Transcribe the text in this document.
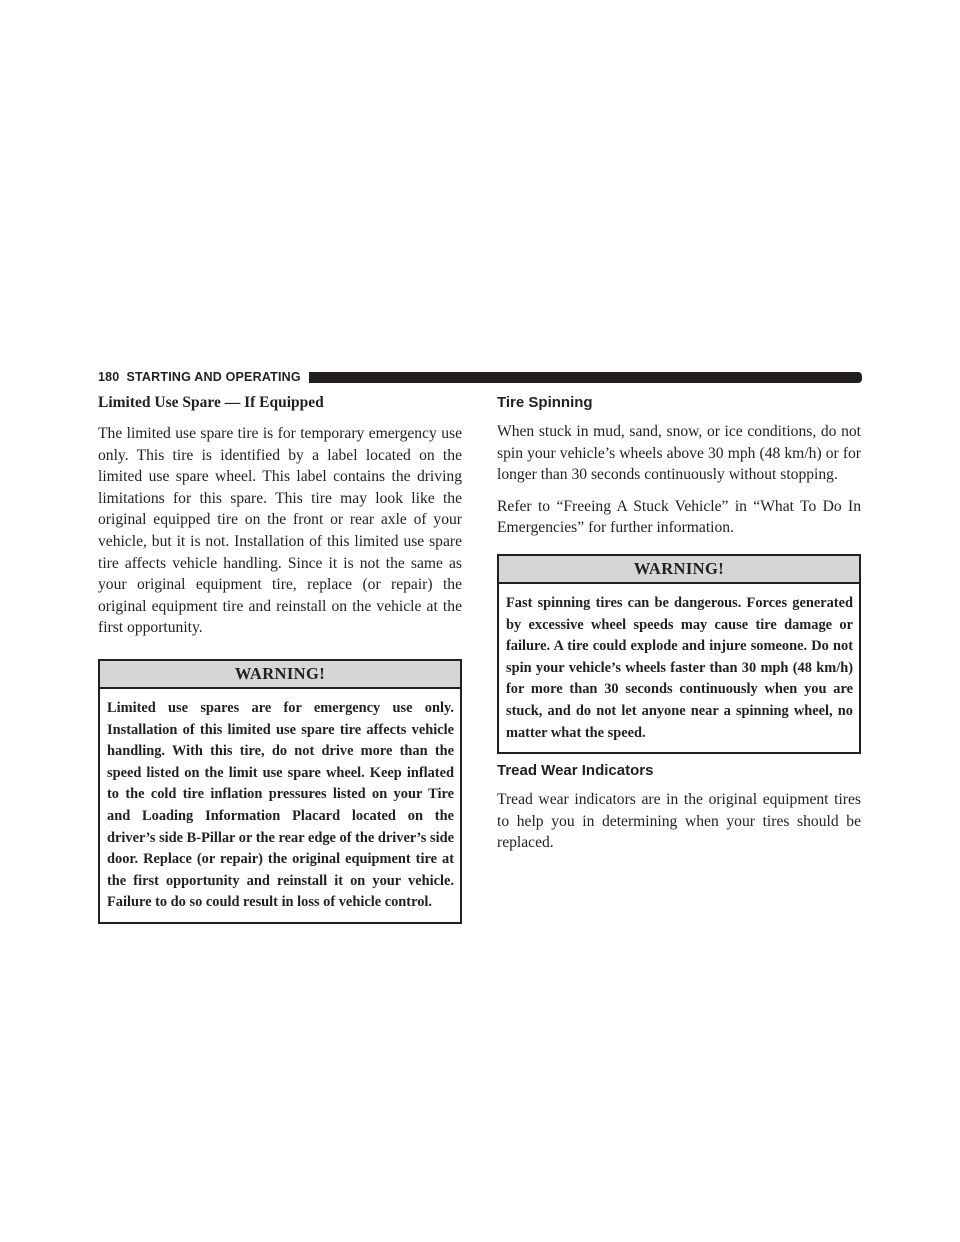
180 STARTING AND OPERATING

Limited Use Spare — If Equipped

The limited use spare tire is for temporary emergency use only. This tire is identified by a label located on the limited use spare wheel. This label contains the driving limitations for this spare. This tire may look like the original equipped tire on the front or rear axle of your vehicle, but it is not. Installation of this limited use spare tire affects vehicle handling. Since it is not the same as your original equipment tire, replace (or repair) the original equipment tire and reinstall on the vehicle at the first opportunity.

WARNING!
Limited use spares are for emergency use only. Installation of this limited use spare tire affects vehicle handling. With this tire, do not drive more than the speed listed on the limit use spare wheel. Keep inflated to the cold tire inflation pressures listed on your Tire and Loading Information Placard located on the driver’s side B-Pillar or the rear edge of the driver’s side door. Replace (or repair) the original equipment tire at the first opportunity and reinstall it on your vehicle. Failure to do so could result in loss of vehicle control.

Tire Spinning

When stuck in mud, sand, snow, or ice conditions, do not spin your vehicle’s wheels above 30 mph (48 km/h) or for longer than 30 seconds continuously without stopping.

Refer to “Freeing A Stuck Vehicle” in “What To Do In Emergencies” for further information.

WARNING!
Fast spinning tires can be dangerous. Forces generated by excessive wheel speeds may cause tire damage or failure. A tire could explode and injure someone. Do not spin your vehicle’s wheels faster than 30 mph (48 km/h) for more than 30 seconds continuously when you are stuck, and do not let anyone near a spinning wheel, no matter what the speed.

Tread Wear Indicators

Tread wear indicators are in the original equipment tires to help you in determining when your tires should be replaced.
